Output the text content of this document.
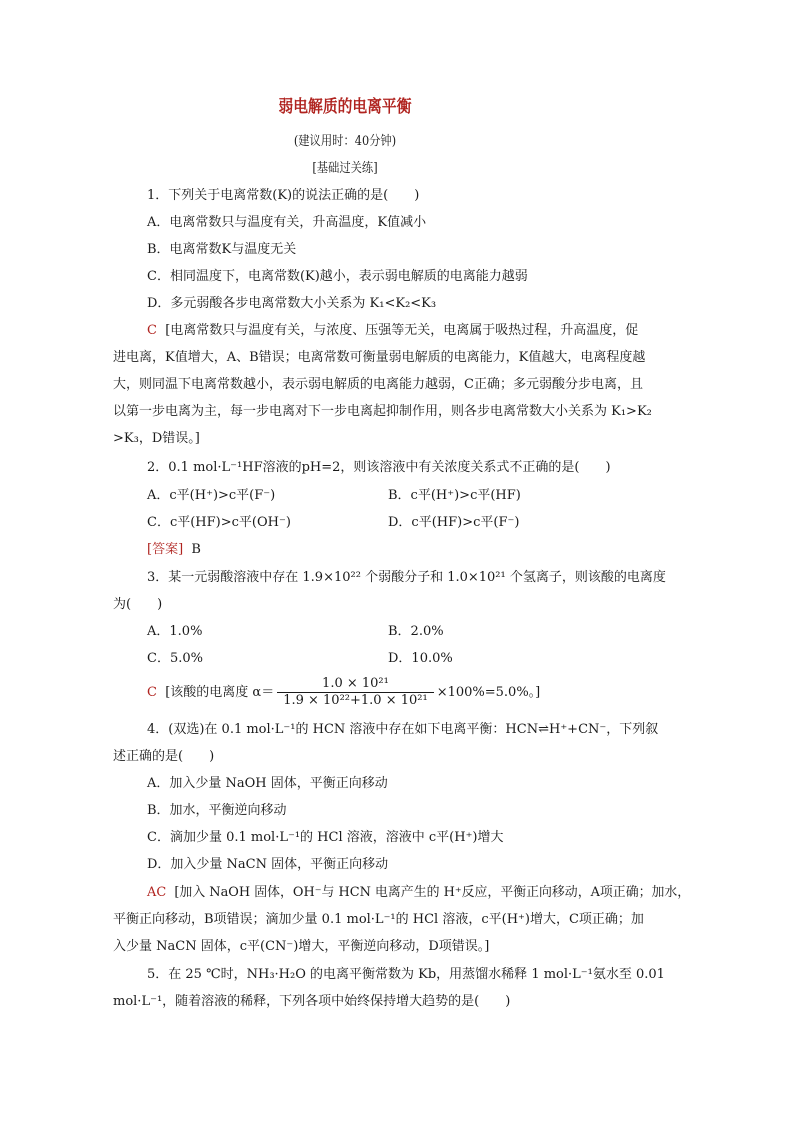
弱电解质的电离平衡
(建议用时：40分钟)
[基础过关练]
1．下列关于电离常数(K)的说法正确的是(　　)
A．电离常数只与温度有关，升高温度，K值减小
B．电离常数K与温度无关
C．相同温度下，电离常数(K)越小，表示弱电解质的电离能力越弱
D．多元弱酸各步电离常数大小关系为 K₁<K₂<K₃
C [电离常数只与温度有关，与浓度、压强等无关，电离属于吸热过程，升高温度，促
进电离，K值增大，A、B错误；电离常数可衡量弱电解质的电离能力，K值越大，电离程度越
大，则同温下电离常数越小，表示弱电解质的电离能力越弱，C正确；多元弱酸分步电离，且
以第一步电离为主，每一步电离对下一步电离起抑制作用，则各步电离常数大小关系为 K₁>K₂
>K₃，D错误。]
2．0.1 mol·L⁻¹HF溶液的pH=2，则该溶液中有关浓度关系式不正确的是(　　)
A．c平(H⁺)>c平(F⁻)	B．c平(H⁺)>c平(HF)
C．c平(HF)>c平(OH⁻)	D．c平(HF)>c平(F⁻)
[答案] B
3．某一元弱酸溶液中存在 1.9×10²² 个弱酸分子和 1.0×10²¹ 个氢离子，则该酸的电离度
为(　　)
A．1.0%	B．2.0%
C．5.0%	D．10.0%
C [该酸的电离度 $\alpha= \frac{\text{1.0 × 10²¹}}{\text{1.9 × 10²²+1.0 × 10²¹}} \times 100\%=5.0\%$。]
4．(双选)在 0.1 mol·L⁻¹的 HCN 溶液中存在如下电离平衡：HCN⇌H⁺+CN⁻，下列叙
述正确的是(　　)
A．加入少量 NaOH 固体，平衡正向移动
B．加水，平衡逆向移动
C．滴加少量 0.1 mol·L⁻¹的 HCl 溶液，溶液中 c平(H⁺)增大
D．加入少量 NaCN 固体，平衡正向移动
AC [加入 NaOH 固体，OH⁻与 HCN 电离产生的 H⁺反应，平衡正向移动，A项正确；加水，
平衡正向移动，B项错误；滴加少量 0.1 mol·L⁻¹的 HCl 溶液，c平(H⁺)增大，C项正确；加
入少量 NaCN 固体，c平(CN⁻)增大，平衡逆向移动，D项错误。]
5．在 25 ℃时，NH₃·H₂O 的电离平衡常数为 Kb，用蒸馏水稀释 1 mol·L⁻¹氨水至 0.01
mol·L⁻¹，随着溶液的稀释，下列各项中始终保持增大趋势的是(　　)
